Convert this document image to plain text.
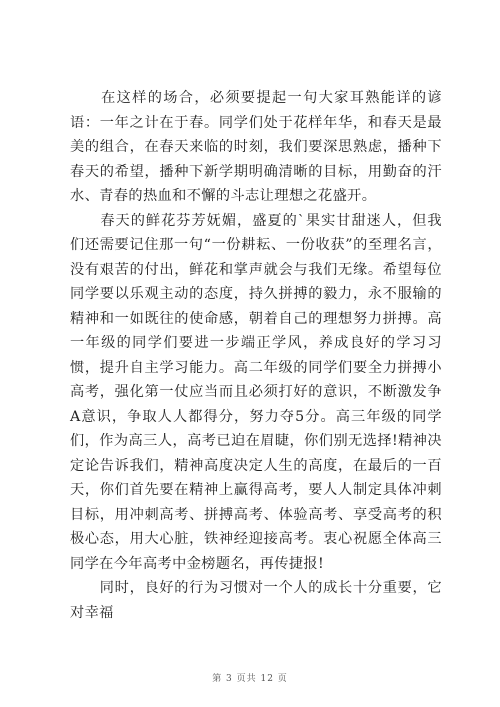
　　在这样的场合，必须要提起一句大家耳熟能详的谚语：一年之计在于春。同学们处于花样年华，和春天是最美的组合，在春天来临的时刻，我们要深思熟虑，播种下春天的希望，播种下新学期明确清晰的目标，用勤奋的汗水、青春的热血和不懈的斗志让理想之花盛开。

　　春天的鲜花芬芳妩媚，盛夏的`果实甘甜迷人，但我们还需要记住那一句“一份耕耘、一份收获”的至理名言，没有艰苦的付出，鲜花和掌声就会与我们无缘。希望每位同学要以乐观主动的态度，持久拼搏的毅力，永不服输的精神和一如既往的使命感，朝着自己的理想努力拼搏。高一年级的同学们要进一步端正学风，养成良好的学习习惯，提升自主学习能力。高二年级的同学们要全力拼搏小高考，强化第一仗应当而且必须打好的意识，不断激发争A意识，争取人人都得分，努力夺5分。高三年级的同学们，作为高三人，高考已迫在眉睫，你们别无选择!精神决定论告诉我们，精神高度决定人生的高度，在最后的一百天，你们首先要在精神上赢得高考，要人人制定具体冲刺目标，用冲刺高考、拼搏高考、体验高考、享受高考的积极心态，用大心脏，铁神经迎接高考。衷心祝愿全体高三同学在今年高考中金榜题名，再传捷报!

　　同时，良好的行为习惯对一个人的成长十分重要，它对幸福

第 3 页共 12 页
